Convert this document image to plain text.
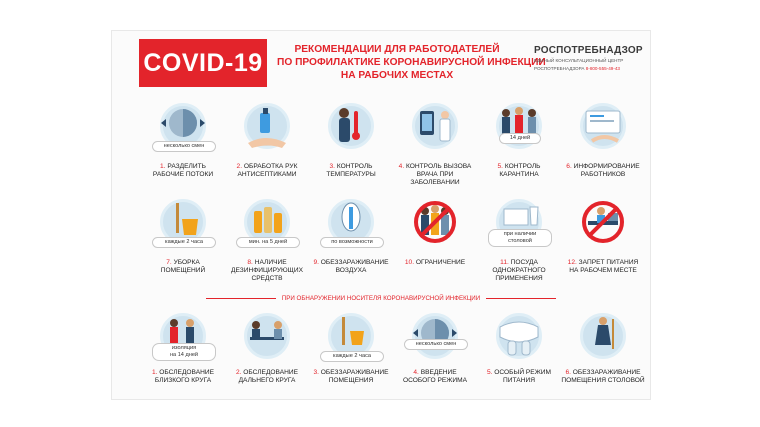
COVID-19	РЕКОМЕНДАЦИИ ДЛЯ РАБОТОДАТЕЛЕЙ
ПО ПРОФИЛАКТИКЕ КОРОНАВИРУСНОЙ ИНФЕКЦИИ
НА РАБОЧИХ МЕСТАХ
РОСПОТРЕБНАДЗОР
ЕДИНЫЙ КОНСУЛЬТАЦИОННЫЙ ЦЕНТР
РОСПОТРЕБНАДЗОРА 8-800-555-49-43
несколько смен
1. РАЗДЕЛИТЬ
РАБОЧИЕ ПОТОКИ
2. ОБРАБОТКА РУК
АНТИСЕПТИКАМИ
3. КОНТРОЛЬ
ТЕМПЕРАТУРЫ
4. КОНТРОЛЬ ВЫЗОВА
ВРАЧА ПРИ ЗАБОЛЕВАНИИ
14 дней
5. КОНТРОЛЬ
КАРАНТИНА
6. ИНФОРМИРОВАНИЕ
РАБОТНИКОВ
каждые 2 часа
7. УБОРКА
ПОМЕЩЕНИЙ
мин. на 5 дней
8. НАЛИЧИЕ
ДЕЗИНФИЦИРУЮЩИХ
СРЕДСТВ
по возможности
9. ОБЕЗЗАРАЖИВАНИЕ
ВОЗДУХА
10. ОГРАНИЧЕНИЕ
при наличии
столовой
11. ПОСУДА
ОДНОКРАТНОГО
ПРИМЕНЕНИЯ
12. ЗАПРЕТ ПИТАНИЯ
НА РАБОЧЕМ МЕСТЕ
ПРИ ОБНАРУЖЕНИИ НОСИТЕЛЯ КОРОНАВИРУСНОЙ ИНФЕКЦИИ
изоляция
на 14 дней
1. ОБСЛЕДОВАНИЕ
БЛИЗКОГО КРУГА
2. ОБСЛЕДОВАНИЕ
ДАЛЬНЕГО КРУГА
каждые 2 часа
3. ОБЕЗЗАРАЖИВАНИЕ
ПОМЕЩЕНИЯ
несколько смен
4. ВВЕДЕНИЕ
ОСОБОГО РЕЖИМА
5. ОСОБЫЙ РЕЖИМ
ПИТАНИЯ
6. ОБЕЗЗАРАЖИВАНИЕ
ПОМЕЩЕНИЯ СТОЛОВОЙ
